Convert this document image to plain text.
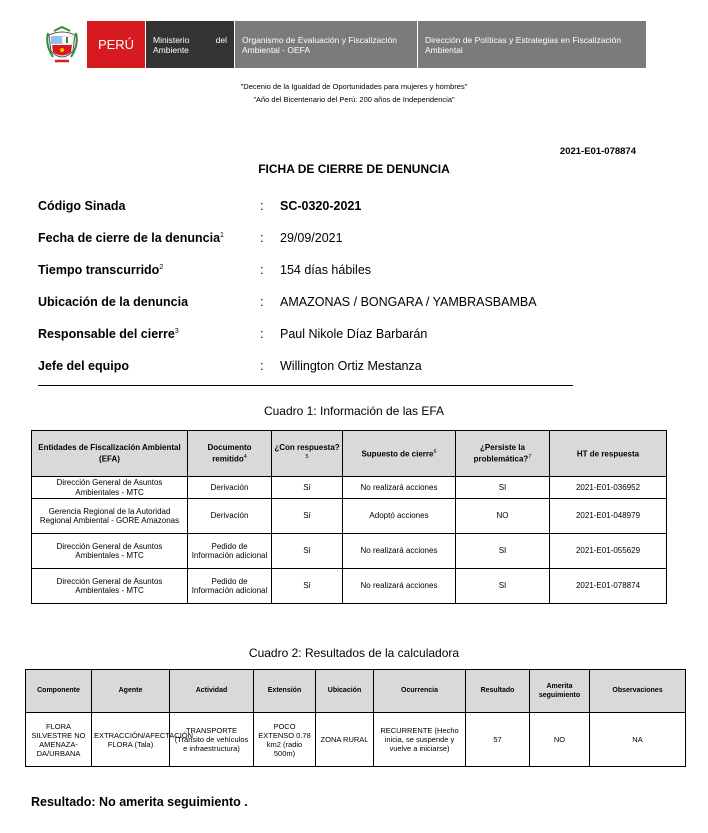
PERÚ	Ministerio del
Ambiente
Organismo de Evaluación y Fiscalización Ambiental - OEFA
Dirección de Políticas y Estrategias en Fiscalización Ambiental
"Decenio de la Igualdad de Oportunidades para mujeres y hombres"
"Año del Bicentenario del Perú: 200 años de Independencia"
2021-E01-078874
FICHA DE CIERRE DE DENUNCIA
Código Sinada	:	SC-0320-2021
Fecha de cierre de la denuncia$^1$	:	29/09/2021
Tiempo transcurrido$^2$	:	154 días hábiles
Ubicación de la denuncia	:	AMAZONAS / BONGARA / YAMBRASBAMBA
Responsable del cierre$^3$	:	Paul Nikole Díaz Barbarán
Jefe del equipo	:	Willington Ortiz Mestanza
Cuadro 1: Información de las EFA
Entidades de Fiscalización Ambiental (EFA)	Documento remitido$^4$	¿Con respuesta?$^5$	Supuesto de cierre$^6$	¿Persiste la problemática?$^7$	HT de respuesta
Dirección General de Asuntos Ambientales - MTC	Derivación	Sí	No realizará acciones	SI	2021-E01-036952
Gerencia Regional de la Autoridad Regional Ambiental - GORE Amazonas	Derivación	Sí	Adoptó acciones	NO	2021-E01-048979
Dirección General de Asuntos Ambientales - MTC	Pedido de Información adicional	Sí	No realizará acciones	SI	2021-E01-055629
Dirección General de Asuntos Ambientales - MTC	Pedido de Información adicional	Sí	No realizará acciones	SI	2021-E01-078874
Cuadro 2: Resultados de la calculadora
Componente	Agente	Actividad	Extensión	Ubicación	Ocurrencia	Resultado	Amerita seguimiento	Observaciones
FLORA SILVESTRE NO AMENAZA-DA/URBANA	EXTRACCIÓN/AFECTACIÓN FLORA (Tala)	TRANSPORTE (Tránsito de vehículos e infraestructura)	POCO EXTENSO 0.78 km2 (radio 500m)	ZONA RURAL	RECURRENTE (Hecho inicia, se suspende y vuelve a iniciarse)	57	NO	NA
Resultado: No amerita seguimiento .
